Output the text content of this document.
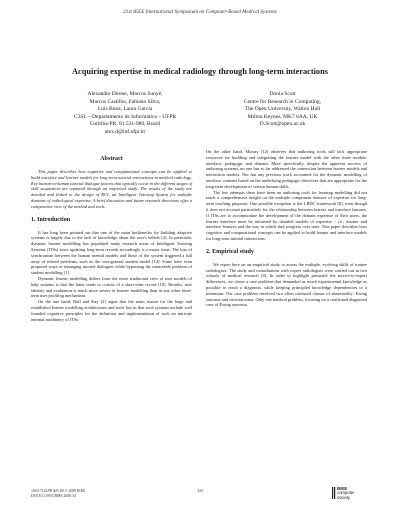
21st IEEE International Symposium on Computer-Based Medical Systems
Acquiring expertise in medical radiology through long-term interactions
Alexandre Direne, Marcos Sunyé,
Marcos Castilho, Fabiano Silva,
Luis Bona, Laura García
C3SL – Departamento de Informática – UFPR
Curitiba-PR, 81.531-980, Brazil
alex.d@inf.ufpr.br
Donia Scott
Centre for Research in Computing,
The Open University, Walton Hall
Milton Keynes, MK7 6AA, UK
D.Scott@open.ac.uk
Abstract

This paper describes how cognitive and computational concepts can be applied to build interface and learner models for long-term tutorial interactions in medical radiology. Key human-to-human tutorial dialogue factors that typically occur in the different stages of skill acquisition are captured through an empirical study. The results of the study are detailed and linked to the design of RUI, an Intelligent Tutoring System for multiple domains of radiological expertise. A brief discussion and future research directions offer a comparative view of the method and tools.

1. Introduction

It has long been pointed out that one of the main bottlenecks for building adaptive systems is largely due to the lack of knowledge about the user's beliefs [2]. In particular, dynamic learner modelling has populated many research areas of Intelligent Tutoring Systems (ITSs) since updating long-term records accordingly is a major issue. The loss of synchronism between the human mental models and those of the system triggered a full array of related problems, such as the over-general student model [14]. Some have even proposed ways of managing tutorial dialogues while bypassing the intractable problem of student modelling [1].

Dynamic learner modelling differs from the more traditional view of user models of help systems is that the latter tends to consist of a short-term record [10]. Besides, user identity and evaluation is much more severe in learner modelling than in any other short-term user profiling mechanism.

On the one hand, Bull and Kay [2] argue that the main reason for the large and established learner modelling architectures and tools lies in that such systems include well founded cognitive principles for the definition and implementation of such an intricate internal machinery of ITSs.

On the other hand, Murray [12] observes that authoring tools still lack appropriate resources for building and integrating the learner model with the other three models: interface, pedagogic and domain. More specifically, despite the apparent success of authoring systems, no one has so far addressed the connection between learner models and interaction models. Nor has any previous work accounted for the dynamic modelling of interface contents based on the underlying pedagogic directives that are appropriate for the long-term development of certain human skills.

The few attempts there have been on authoring tools for learning modelling did not reach a comprehensive insight on the multiple component features of expertise for long-term teaching purposes. One possible exception is the LRDC framework [8], even though it does not account particularly for the relationship between learner and interface features. If ITSs are to accommodate the development of the domain expertise of their users, the learner interface must be informed by detailed models of expertise - i.e., learner and interface features and the way in which they progress over time. This paper describes how cognitive and computational concepts can be applied to build learner and interface models for long-term tutorial interactions.

2. Empirical study

We report here on an empirical study to assess the multiple, evolving skills of trainee radiologists. The study and consultations with expert radiologists were carried out in two schools of medical research [4]. In order to highlight primarily the novice-to-expert differences, we chose a case problem that demanded as much experimental knowledge as possible to reach a diagnosis, while keeping principled knowledge dependencies to a minimum. The case problem involved two often confused classes of abnormality: Ewing sarcoma and osteosarcoma. Only one medical problem, focusing on a confirmed diagnosed case of Ewing sarcoma,

1063-7125/08 $25.00 © 2008 IEEE
DOI 10.1109/CBMS.2008.34
433	IEEE
computer
society
